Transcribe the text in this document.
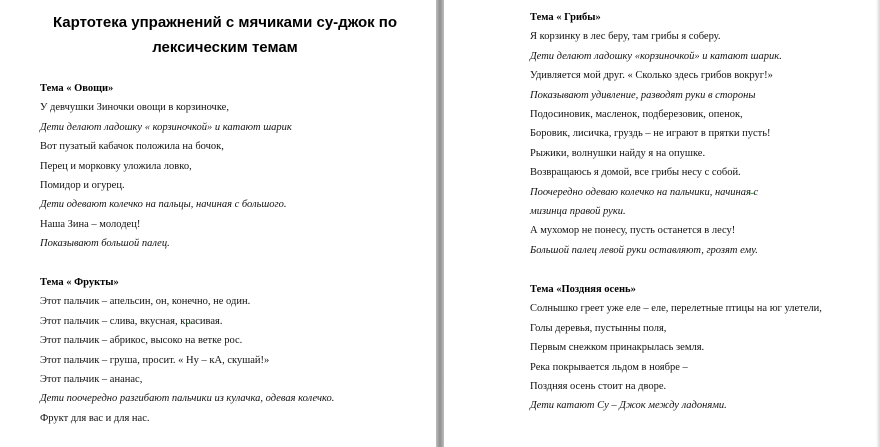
Картотека упражнений с мячиками су-джок по лексическим темам
Тема « Овощи»
У девчушки Зиночки овощи в корзиночке,
Дети делают ладошку « корзиночкой» и катают шарик
Вот пузатый кабачок положила на бочок,
Перец и морковку уложила ловко,
Помидор и огурец.
Дети одевают колечко на пальцы, начиная с большого.
Наша Зина – молодец!
Показывают большой палец.
Тема « Фрукты»
Этот пальчик – апельсин, он, конечно, не один.
Этот пальчик – слива, вкусная, красивая.
Этот пальчик – абрикос, высоко на ветке рос.
Этот пальчик – груша, просит. « Ну – кА, скушай!»
Этот пальчик – ананас,
Дети поочередно разгибают пальчики из кулачка, одевая колечко.
Фрукт для вас и для нас.
Тема « Грибы»
Я корзинку в лес беру, там грибы я соберу.
Дети делают ладошку «корзиночкой» и катают шарик.
Удивляется мой друг. « Сколько здесь грибов вокруг!»
Показывают удивление, разводят руки в стороны
Подосиновик, масленок, подберезовик, опенок,
Боровик, лисичка, груздь – не играют в прятки пусть!
Рыжики, волнушки найду я на опушке.
Возвращаюсь я домой, все грибы несу с собой.
Поочередно одеваю колечко на пальчики, начиная с
мизинца правой руки.
А мухомор не понесу, пусть останется в лесу!
Большой палец левой руки оставляют, грозят ему.
Тема «Поздняя осень»
Солнышко греет уже еле – еле, перелетные птицы на юг улетели,
Голы деревья, пустынны поля,
Первым снежком принакрылась земля.
Река покрывается льдом в ноябре –
Поздняя осень стоит на дворе.
Дети катают Су – Джок между ладонями.
